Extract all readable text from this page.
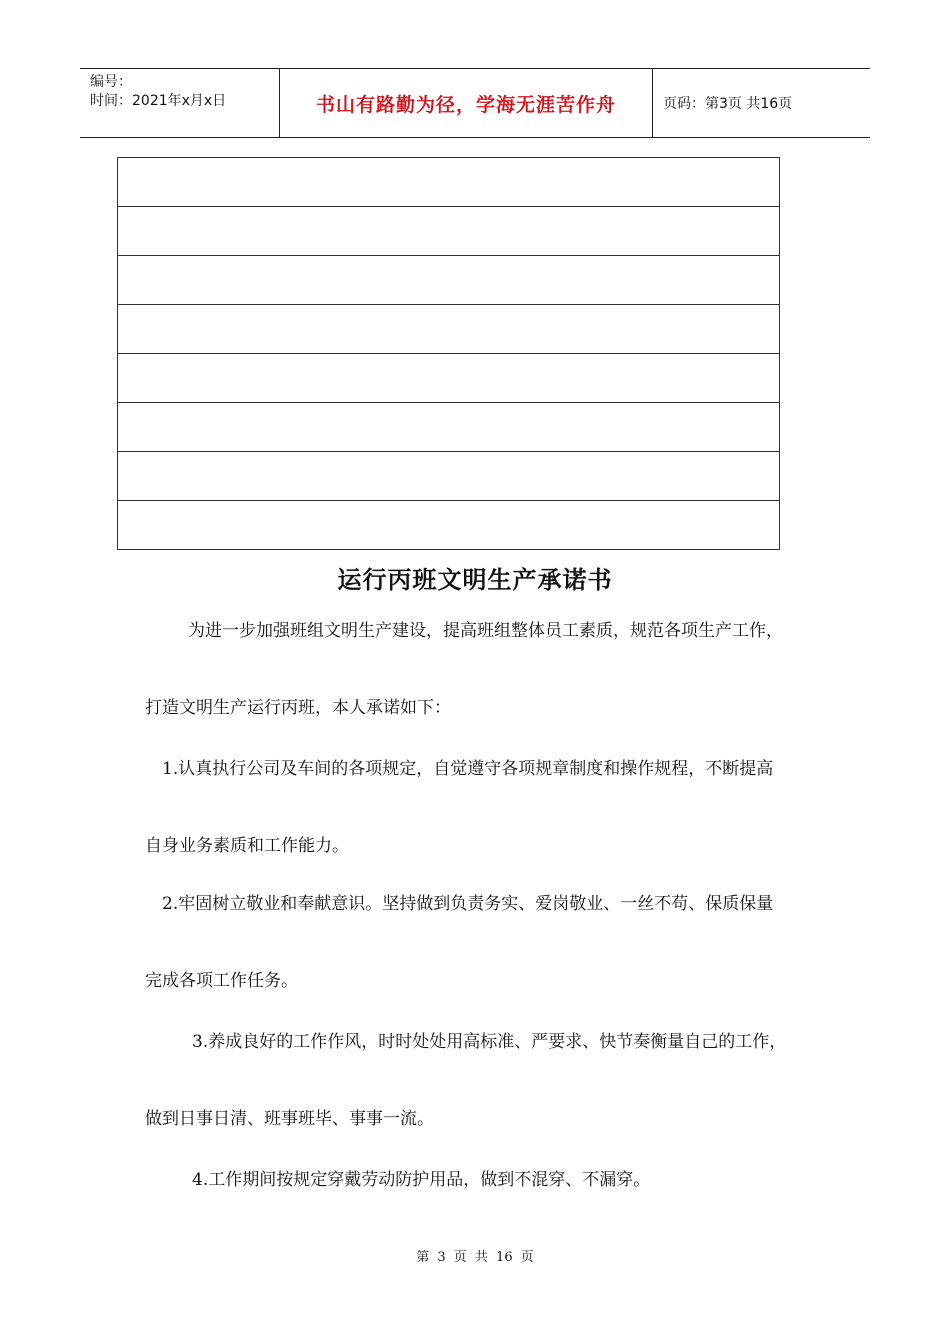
编号：
时间：2021年x月x日	书山有路勤为径，学海无涯苦作舟	页码：第3页 共16页
运行丙班文明生产承诺书
为进一步加强班组文明生产建设，提高班组整体员工素质，规范各项生产工作，
打造文明生产运行丙班，本人承诺如下：
1.认真执行公司及车间的各项规定，自觉遵守各项规章制度和操作规程，不断提高
自身业务素质和工作能力。
2.牢固树立敬业和奉献意识。坚持做到负责务实、爱岗敬业、一丝不苟、保质保量
完成各项工作任务。
3.养成良好的工作作风，时时处处用高标准、严要求、快节奏衡量自己的工作，
做到日事日清、班事班毕、事事一流。
4.工作期间按规定穿戴劳动防护用品，做到不混穿、不漏穿。
第 3 页 共 16 页
